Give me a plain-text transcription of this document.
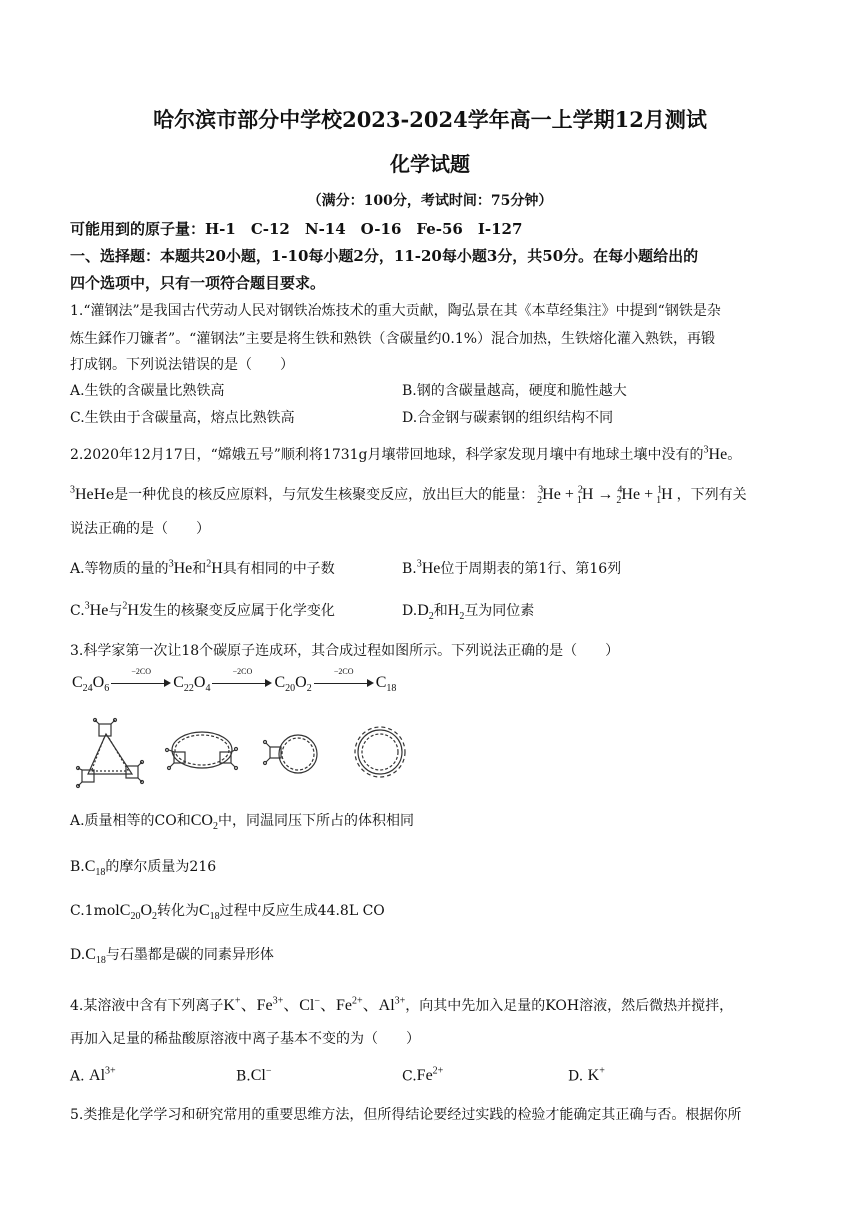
哈尔滨市部分中学校2023-2024学年高一上学期12月测试
化学试题
（满分：100分，考试时间：75分钟）
可能用到的原子量：H-1　C-12　N-14　O-16　Fe-56　I-127
一、选择题：本题共20小题，1-10每小题2分，11-20每小题3分，共50分。在每小题给出的
四个选项中，只有一项符合题目要求。
1.“灌钢法”是我国古代劳动人民对钢铁冶炼技术的重大贡献，陶弘景在其《本草经集注》中提到“钢铁是杂
炼生鍒作刀镰者”。“灌钢法”主要是将生铁和熟铁（含碳量约0.1%）混合加热，生铁熔化灌入熟铁，再锻
打成钢。下列说法错误的是（　　）
A.生铁的含碳量比熟铁高	B.钢的含碳量越高，硬度和脆性越大
C.生铁由于含碳量高，熔点比熟铁高	D.合金钢与碳素钢的组织结构不同
2.2020年12月17日，“嫦娥五号”顺利将1731g月壤带回地球，科学家发现月壤中有地球土壤中没有的$^3$He。
$^3$HeHe是一种优良的核反应原料，与氘发生核聚变反应，放出巨大的能量： $^3_2$He + $^2_1$H → $^4_2$He + $^1_1$H ，下列有关
说法正确的是（　　）
A.等物质的量的$^3$He和$^2$H具有相同的中子数	B.$^3$He位于周期表的第1行、第16列
C.$^3$He与$^2$H发生的核聚变反应属于化学变化	$D.D_2$和$H_2$互为同位素
3.科学家第一次让18个碳原子连成环，其合成过程如图所示。下列说法正确的是（　　）
$C_{24}O_6$
−2CO
$C_{22}O_4$
−2CO
$C_{20}O_2$
−2CO
$C_{18}$
A.质量相等的CO和$CO_2$中，同温同压下所占的体积相同
$B.C_{18}$的摩尔质量为216
$C.1molC_{20}O_2$转化为$C_{18}$过程中反应生成44.8L CO
$D.C_{18}$与石墨都是碳的同素异形体
4.某溶液中含有下列离子K+、$Fe^{3+}$、Cl−、$Fe^{2+}$、$Al^{3+}$，向其中先加入足量的KOH溶液，然后微热并搅拌，
再加入足量的稀盐酸原溶液中离子基本不变的为（　　）
A. $Al^{3+}$	B.Cl−	$C.Fe^{2+}$	D. K+
5.类推是化学学习和研究常用的重要思维方法，但所得结论要经过实践的检验才能确定其正确与否。根据你所
